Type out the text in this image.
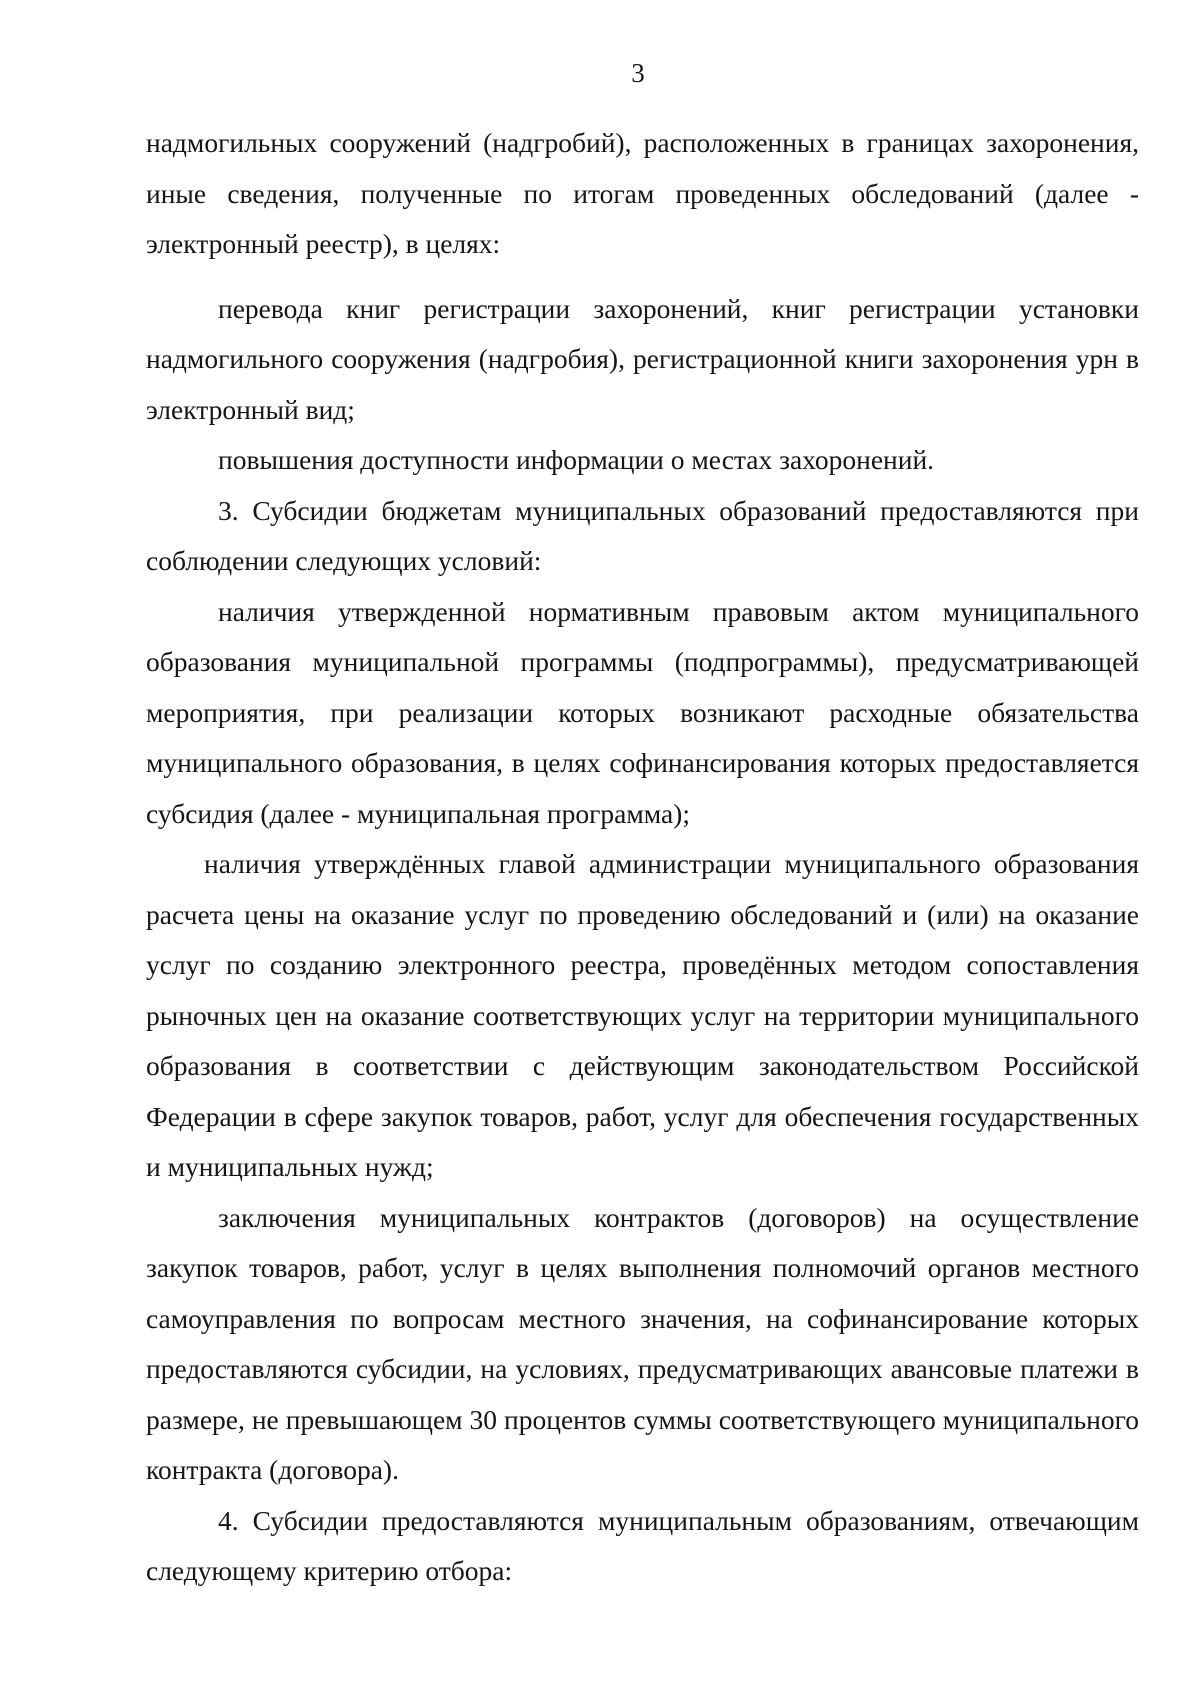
3

надмогильных сооружений (надгробий), расположенных в границах захоронения, иные сведения, полученные по итогам проведенных обследований (далее - электронный реестр), в целях:

перевода книг регистрации захоронений, книг регистрации установки надмогильного сооружения (надгробия), регистрационной книги захоронения урн в электронный вид;

повышения доступности информации о местах захоронений.

3. Субсидии бюджетам муниципальных образований предоставляются при соблюдении следующих условий:

наличия утвержденной нормативным правовым актом муниципального образования муниципальной программы (подпрограммы), предусматривающей мероприятия, при реализации которых возникают расходные обязательства муниципального образования, в целях софинансирования которых предоставляется субсидия (далее - муниципальная программа);

наличия утверждённых главой администрации муниципального образования расчета цены на оказание услуг по проведению обследований и (или) на оказание услуг по созданию электронного реестра, проведённых методом сопоставления рыночных цен на оказание соответствующих услуг на территории муниципального образования в соответствии с действующим законодательством Российской Федерации в сфере закупок товаров, работ, услуг для обеспечения государственных и муниципальных нужд;

заключения муниципальных контрактов (договоров) на осуществление закупок товаров, работ, услуг в целях выполнения полномочий органов местного самоуправления по вопросам местного значения, на софинансирование которых предоставляются субсидии, на условиях, предусматривающих авансовые платежи в размере, не превышающем 30 процентов суммы соответствующего муниципального контракта (договора).

4. Субсидии предоставляются муниципальным образованиям, отвечающим следующему критерию отбора:
